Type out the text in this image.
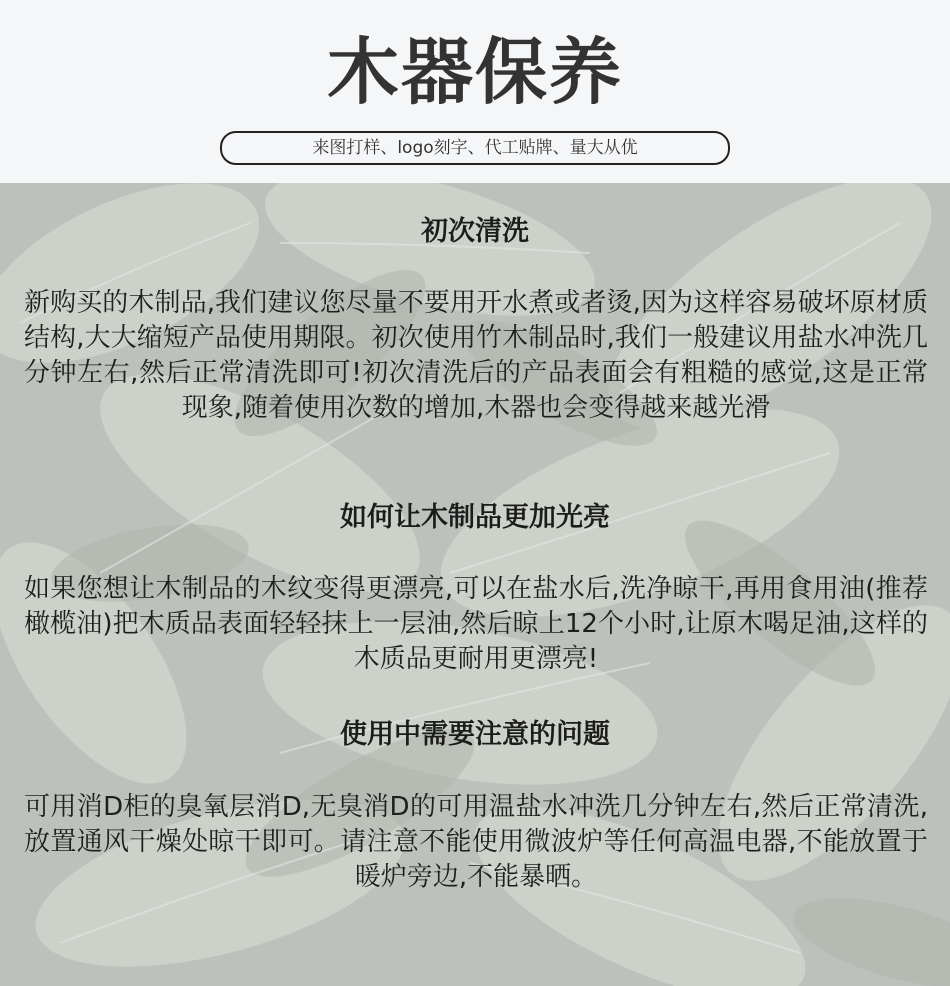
木器保养
来图打样、logo刻字、代工贴牌、量大从优
初次清洗
新购买的木制品,我们建议您尽量不要用开水煮或者烫,因为这样容易破坏原材质结构,大大缩短产品使用期限。初次使用竹木制品时,我们一般建议用盐水冲洗几分钟左右,然后正常清洗即可!初次清洗后的产品表面会有粗糙的感觉,这是正常现象,随着使用次数的增加,木器也会变得越来越光滑
如何让木制品更加光亮
如果您想让木制品的木纹变得更漂亮,可以在盐水后,洗净晾干,再用食用油(推荐橄榄油)把木质品表面轻轻抹上一层油,然后晾上12个小时,让原木喝足油,这样的木质品更耐用更漂亮!
使用中需要注意的问题
可用消D柜的臭氧层消D,无臭消D的可用温盐水冲洗几分钟左右,然后正常清洗,放置通风干燥处晾干即可。请注意不能使用微波炉等任何高温电器,不能放置于暖炉旁边,不能暴晒。
